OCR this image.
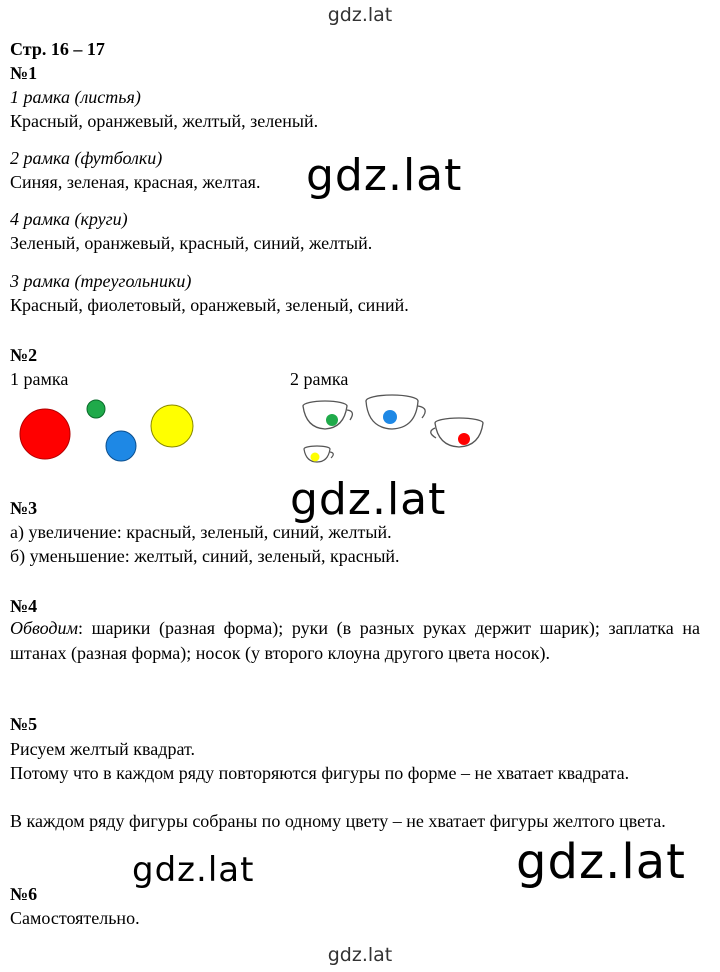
gdz.lat
Стр. 16 – 17
№1
1 рамка (листья)
Красный, оранжевый, желтый, зеленый.
2 рамка (футболки)
Синяя, зеленая, красная, желтая.
4 рамка (круги)
Зеленый, оранжевый, красный, синий, желтый.
3 рамка (треугольники)
Красный, фиолетовый, оранжевый, зеленый, синий.
gdz.lat
№2
1 рамка	2 рамка
gdz.lat
№3
а) увеличение: красный, зеленый, синий, желтый.
б) уменьшение: желтый, синий, зеленый, красный.
№4
Обводим: шарики (разная форма); руки (в разных руках держит шарик); заплатка на штанах (разная форма); носок (у второго клоуна другого цвета носок).
№5
Рисуем желтый квадрат.
Потому что в каждом ряду повторяются фигуры по форме – не хватает квадрата.
В каждом ряду фигуры собраны по одному цвету – не хватает фигуры желтого цвета.
gdz.lat
gdz.lat
№6
Самостоятельно.
gdz.lat
